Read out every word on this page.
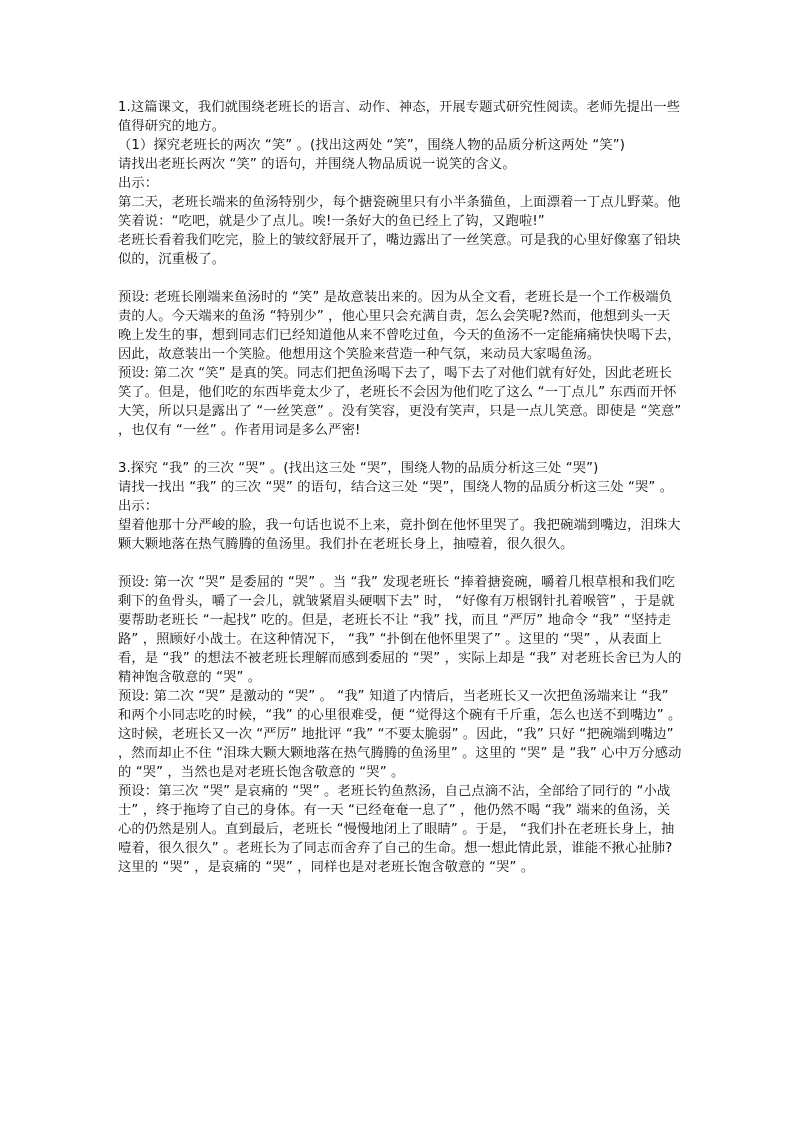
1.这篇课文，我们就围绕老班长的语言、动作、神态，开展专题式研究性阅读。老师先提出一些值得研究的地方。

（1）探究老班长的两次 “笑” 。(找出这两处 “笑”，围绕人物的品质分析这两处 “笑”)

请找出老班长两次 “笑” 的语句，并围绕人物品质说一说笑的含义。

出示：

第二天，老班长端来的鱼汤特别少，每个搪瓷碗里只有小半条猫鱼，上面漂着一丁点儿野菜。他笑着说：“吃吧，就是少了点儿。唉!一条好大的鱼已经上了钩，又跑啦!”

老班长看着我们吃完，脸上的皱纹舒展开了，嘴边露出了一丝笑意。可是我的心里好像塞了铅块似的，沉重极了。

预设: 老班长刚端来鱼汤时的 “笑” 是故意装出来的。因为从全文看，老班长是一个工作极端负责的人。今天端来的鱼汤 “特别少” ，他心里只会充满自责，怎么会笑呢?然而，他想到头一天晚上发生的事，想到同志们已经知道他从来不曾吃过鱼，今天的鱼汤不一定能痛痛快快喝下去，因此，故意装出一个笑脸。他想用这个笑脸来营造一种气氛，来动员大家喝鱼汤。

预设: 第二次 “笑” 是真的笑。同志们把鱼汤喝下去了，喝下去了对他们就有好处，因此老班长笑了。但是，他们吃的东西毕竟太少了，老班长不会因为他们吃了这么 “一丁点儿” 东西而开怀大笑，所以只是露出了 “一丝笑意” 。没有笑容，更没有笑声，只是一点儿笑意。即使是 “笑意” ，也仅有 “一丝” 。作者用词是多么严密!

3.探究 “我” 的三次 “哭” 。(找出这三处 “哭”，围绕人物的品质分析这三处 “哭”)

请找一找出 “我” 的三次 “哭” 的语句，结合这三处 “哭”，围绕人物的品质分析这三处 “哭” 。

出示：

望着他那十分严峻的脸，我一句话也说不上来，竟扑倒在他怀里哭了。我把碗端到嘴边，泪珠大颗大颗地落在热气腾腾的鱼汤里。我们扑在老班长身上，抽噎着，很久很久。

预设: 第一次 “哭” 是委屈的 “哭” 。当 “我” 发现老班长 “捧着搪瓷碗，嚼着几根草根和我们吃剩下的鱼骨头，嚼了一会儿，就皱紧眉头硬咽下去” 时， “好像有万根钢针扎着喉管” ，于是就要帮助老班长 “一起找” 吃的。但是，老班长不让 “我” 找，而且 “严厉” 地命令 “我” “坚持走路” ，照顾好小战士。在这种情况下， “我” “扑倒在他怀里哭了” 。这里的 “哭” ，从表面上看，是 “我” 的想法不被老班长理解而感到委屈的 “哭” ，实际上却是 “我” 对老班长舍已为人的精神饱含敬意的 “哭” 。

预设: 第二次 “哭” 是激动的 “哭” 。 “我” 知道了内情后，当老班长又一次把鱼汤端来让 “我” 和两个小同志吃的时候，“我” 的心里很难受，便 “觉得这个碗有千斤重，怎么也送不到嘴边” 。这时候，老班长又一次 “严厉” 地批评 “我” “不要太脆弱” 。因此，“我” 只好 “把碗端到嘴边” ，然而却止不住 “泪珠大颗大颗地落在热气腾腾的鱼汤里” 。这里的 “哭” 是 “我” 心中万分感动的 “哭” ，当然也是对老班长饱含敬意的 “哭” 。

预设：第三次 “哭” 是哀痛的 “哭” 。老班长钓鱼熬汤，自己点滴不沾，全部给了同行的 “小战士” ，终于拖垮了自己的身体。有一天 “已经奄奄一息了” ，他仍然不喝 “我” 端来的鱼汤，关心的仍然是别人。直到最后，老班长 “慢慢地闭上了眼睛” 。于是， “我们扑在老班长身上，抽噎着，很久很久” 。老班长为了同志而舍弃了自己的生命。想一想此情此景，谁能不揪心扯肺?这里的 “哭” ，是哀痛的 “哭” ，同样也是对老班长饱含敬意的 “哭” 。
